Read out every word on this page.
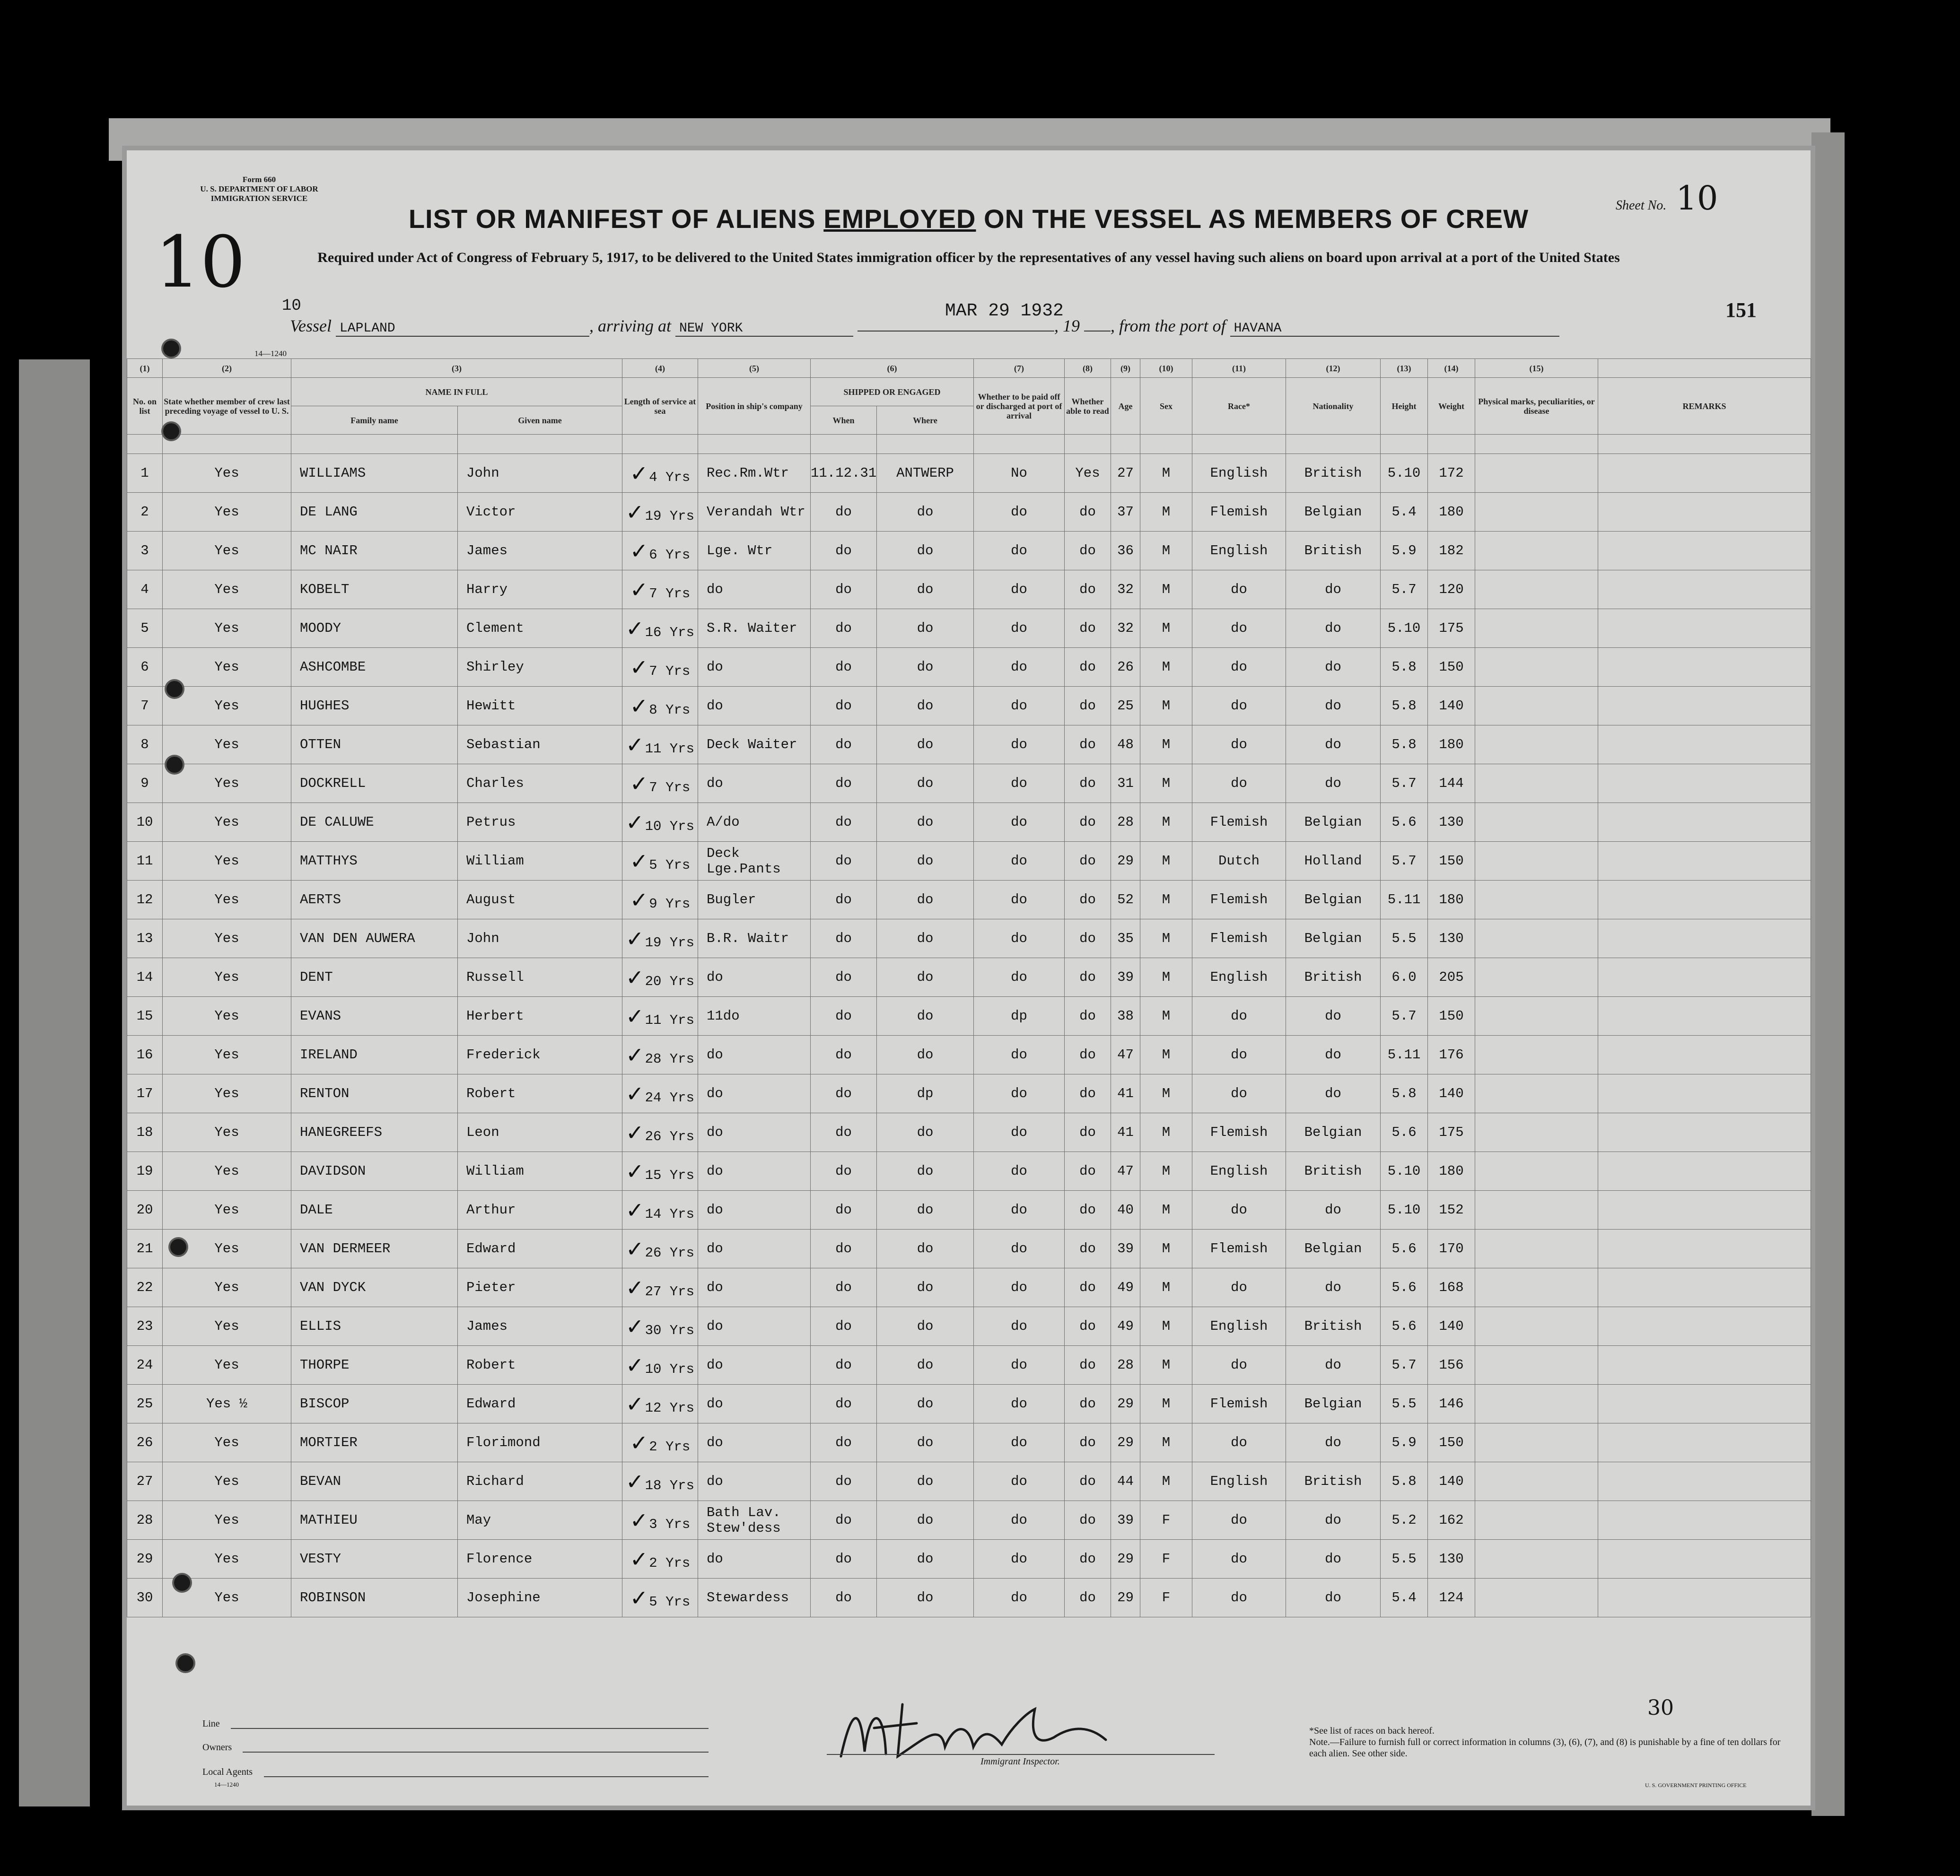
Form 660
U. S. DEPARTMENT OF LABOR
IMMIGRATION SERVICE
10
Sheet No. 10
LIST OR MANIFEST OF ALIENS EMPLOYED ON THE VESSEL AS MEMBERS OF CREW
Required under Act of Congress of February 5, 1917, to be delivered to the United States immigration officer by the representatives of any vessel having such aliens on board upon arrival at a port of the United States
10	MAR 29 1932	151
Vessel LAPLAND	, arriving at NEW YORK	, 19 , from the port of HAVANA
14—1240
(1)	(2)	(3)		(4)	(5)	(6)		(7)	(8)	(9)	(10)	(11)	(12)	(13)	(14)	(15)	
No. on list	State whether member of crew last preceding voyage of vessel to U. S.	NAME IN FULL		Length of service at sea	Position in ship's company	SHIPPED OR ENGAGED		Whether to be paid off or discharged at port of arrival	Whether able to read	Age	Sex	Race*	Nationality	Height	Weight	Physical marks, peculiarities, or disease	REMARKS
		Family name	Given name			When	Where										

1	Yes	WILLIAMS	John	✓4 Yrs	Rec.Rm.Wtr	11.12.31	ANTWERP	No	Yes	27	M	English	British	5.10	172		
2	Yes	DE LANG	Victor	✓19 Yrs	Verandah Wtr	do	do	do	do	37	M	Flemish	Belgian	5.4	180		
3	Yes	MC NAIR	James	✓6 Yrs	Lge. Wtr	do	do	do	do	36	M	English	British	5.9	182		
4	Yes	KOBELT	Harry	✓7 Yrs	do	do	do	do	do	32	M	do	do	5.7	120		
5	Yes	MOODY	Clement	✓16 Yrs	S.R. Waiter	do	do	do	do	32	M	do	do	5.10	175		
6	Yes	ASHCOMBE	Shirley	✓7 Yrs	do	do	do	do	do	26	M	do	do	5.8	150		
7	Yes	HUGHES	Hewitt	✓8 Yrs	do	do	do	do	do	25	M	do	do	5.8	140		
8	Yes	OTTEN	Sebastian	✓11 Yrs	Deck Waiter	do	do	do	do	48	M	do	do	5.8	180		
9	Yes	DOCKRELL	Charles	✓7 Yrs	do	do	do	do	do	31	M	do	do	5.7	144		
10	Yes	DE CALUWE	Petrus	✓10 Yrs	A/do	do	do	do	do	28	M	Flemish	Belgian	5.6	130		
11	Yes	MATTHYS	William	✓5 Yrs	Deck Lge.Pants	do	do	do	do	29	M	Dutch	Holland	5.7	150		
12	Yes	AERTS	August	✓9 Yrs	Bugler	do	do	do	do	52	M	Flemish	Belgian	5.11	180		
13	Yes	VAN DEN AUWERA	John	✓19 Yrs	B.R. Waitr	do	do	do	do	35	M	Flemish	Belgian	5.5	130		
14	Yes	DENT	Russell	✓20 Yrs	do	do	do	do	do	39	M	English	British	6.0	205		
15	Yes	EVANS	Herbert	✓11 Yrs	11do	do	do	dp	do	38	M	do	do	5.7	150		
16	Yes	IRELAND	Frederick	✓28 Yrs	do	do	do	do	do	47	M	do	do	5.11	176		
17	Yes	RENTON	Robert	✓24 Yrs	do	do	dp	do	do	41	M	do	do	5.8	140		
18	Yes	HANEGREEFS	Leon	✓26 Yrs	do	do	do	do	do	41	M	Flemish	Belgian	5.6	175		
19	Yes	DAVIDSON	William	✓15 Yrs	do	do	do	do	do	47	M	English	British	5.10	180		
20	Yes	DALE	Arthur	✓14 Yrs	do	do	do	do	do	40	M	do	do	5.10	152		
21	Yes	VAN DERMEER	Edward	✓26 Yrs	do	do	do	do	do	39	M	Flemish	Belgian	5.6	170		
22	Yes	VAN DYCK	Pieter	✓27 Yrs	do	do	do	do	do	49	M	do	do	5.6	168		
23	Yes	ELLIS	James	✓30 Yrs	do	do	do	do	do	49	M	English	British	5.6	140		
24	Yes	THORPE	Robert	✓10 Yrs	do	do	do	do	do	28	M	do	do	5.7	156		
25	Yes ½	BISCOP	Edward	✓12 Yrs	do	do	do	do	do	29	M	Flemish	Belgian	5.5	146		
26	Yes	MORTIER	Florimond	✓2 Yrs	do	do	do	do	do	29	M	do	do	5.9	150		
27	Yes	BEVAN	Richard	✓18 Yrs	do	do	do	do	do	44	M	English	British	5.8	140		
28	Yes	MATHIEU	May	✓3 Yrs	Bath Lav.
Stew'dess	do	do	do	do	39	F	do	do	5.2	162		
29	Yes	VESTY	Florence	✓2 Yrs	do	do	do	do	do	29	F	do	do	5.5	130		
30	Yes	ROBINSON	Josephine	✓5 Yrs	Stewardess	do	do	do	do	29	F	do	do	5.4	124		
Line
Owners
Local Agents
14—1240
Immigrant Inspector.
30
*See list of races on back hereof.
Note.—Failure to furnish full or correct information in columns (3), (6), (7), and (8) is punishable by a fine of ten dollars for each alien. See other side.
U. S. GOVERNMENT PRINTING OFFICE
